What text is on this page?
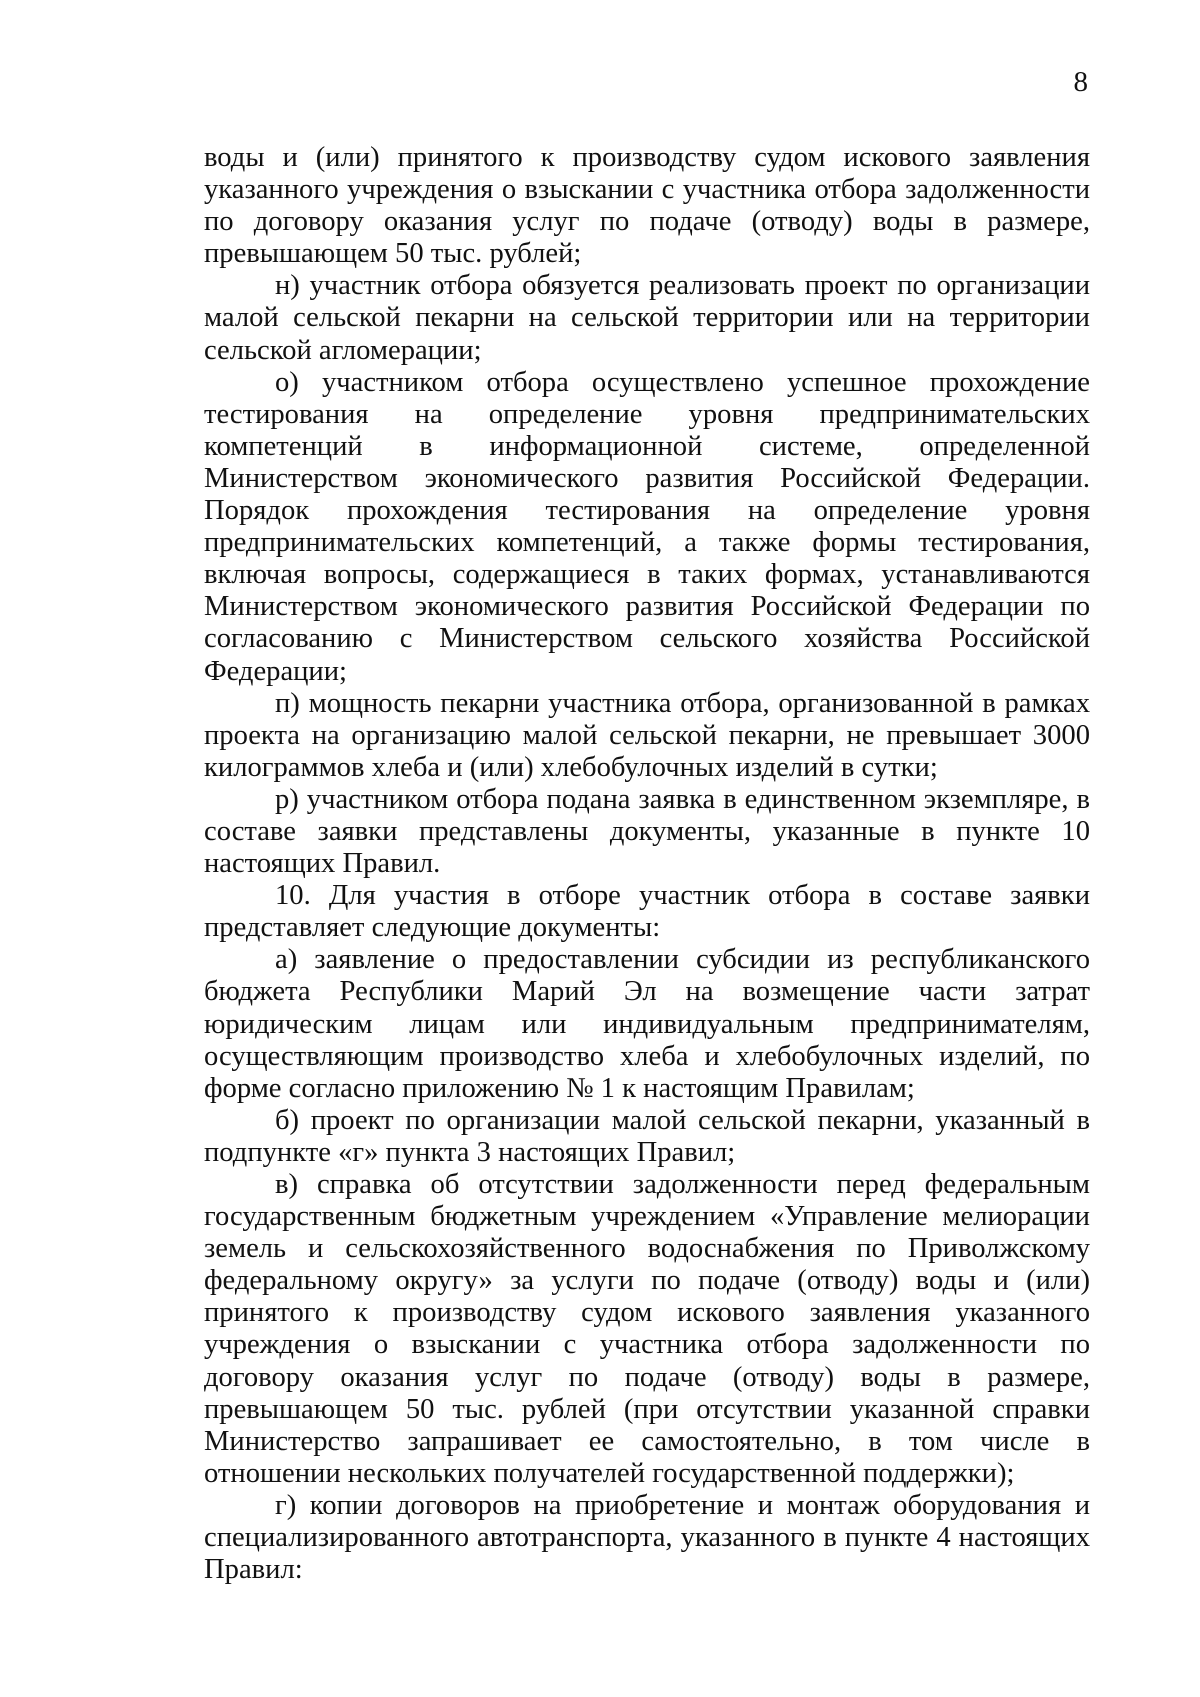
8

воды и (или) принятого к производству судом искового заявления указанного учреждения о взыскании с участника отбора задолженности по договору оказания услуг по подаче (отводу) воды в размере, превышающем 50 тыс. рублей;

н) участник отбора обязуется реализовать проект по организации малой сельской пекарни на сельской территории или на территории сельской агломерации;

о) участником отбора осуществлено успешное прохождение тестирования на определение уровня предпринимательских компетенций в информационной системе, определенной Министерством экономического развития Российской Федерации. Порядок прохождения тестирования на определение уровня предпринимательских компетенций, а также формы тестирования, включая вопросы, содержащиеся в таких формах, устанавливаются Министерством экономического развития Российской Федерации по согласованию с Министерством сельского хозяйства Российской Федерации;

п) мощность пекарни участника отбора, организованной в рамках проекта на организацию малой сельской пекарни, не превышает 3000 килограммов хлеба и (или) хлебобулочных изделий в сутки;

р) участником отбора подана заявка в единственном экземпляре, в составе заявки представлены документы, указанные в пункте 10 настоящих Правил.

10. Для участия в отборе участник отбора в составе заявки представляет следующие документы:

а) заявление о предоставлении субсидии из республиканского бюджета Республики Марий Эл на возмещение части затрат юридическим лицам или индивидуальным предпринимателям, осуществляющим производство хлеба и хлебобулочных изделий, по форме согласно приложению № 1 к настоящим Правилам;

б) проект по организации малой сельской пекарни, указанный в подпункте «г» пункта 3 настоящих Правил;

в) справка об отсутствии задолженности перед федеральным государственным бюджетным учреждением «Управление мелиорации земель и сельскохозяйственного водоснабжения по Приволжскому федеральному округу» за услуги по подаче (отводу) воды и (или) принятого к производству судом искового заявления указанного учреждения о взыскании с участника отбора задолженности по договору оказания услуг по подаче (отводу) воды в размере, превышающем 50 тыс. рублей (при отсутствии указанной справки Министерство запрашивает ее самостоятельно, в том числе в отношении нескольких получателей государственной поддержки);

г) копии договоров на приобретение и монтаж оборудования и специализированного автотранспорта, указанного в пункте 4 настоящих Правил:
